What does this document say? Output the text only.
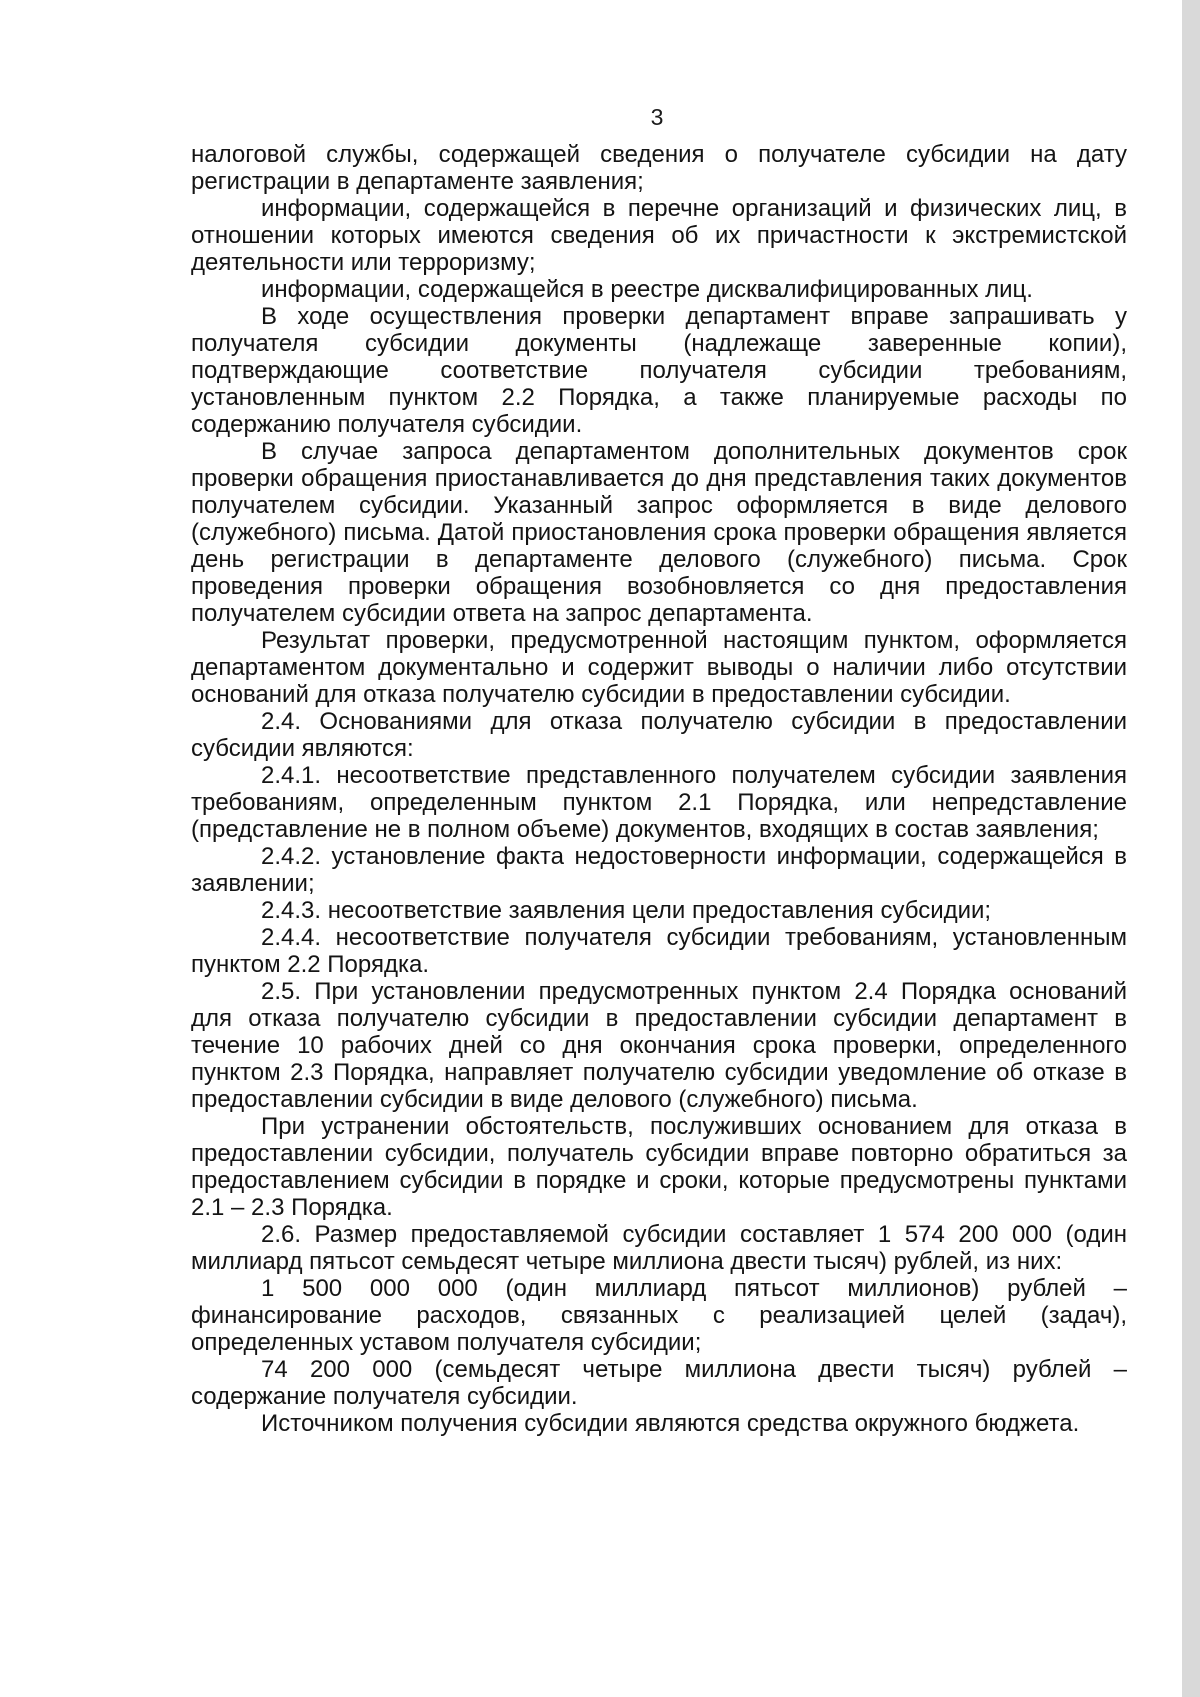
3

налоговой службы, содержащей сведения о получателе субсидии на дату регистрации в департаменте заявления;

информации, содержащейся в перечне организаций и физических лиц, в отношении которых имеются сведения об их причастности к экстремистской деятельности или терроризму;

информации, содержащейся в реестре дисквалифицированных лиц.

В ходе осуществления проверки департамент вправе запрашивать у получателя субсидии документы (надлежаще заверенные копии), подтверждающие соответствие получателя субсидии требованиям, установленным пунктом 2.2 Порядка, а также планируемые расходы по содержанию получателя субсидии.

В случае запроса департаментом дополнительных документов срок проверки обращения приостанавливается до дня представления таких документов получателем субсидии. Указанный запрос оформляется в виде делового (служебного) письма. Датой приостановления срока проверки обращения является день регистрации в департаменте делового (служебного) письма. Срок проведения проверки обращения возобновляется со дня предоставления получателем субсидии ответа на запрос департамента.

Результат проверки, предусмотренной настоящим пунктом, оформляется департаментом документально и содержит выводы о наличии либо отсутствии оснований для отказа получателю субсидии в предоставлении субсидии.

2.4. Основаниями для отказа получателю субсидии в предоставлении субсидии являются:

2.4.1. несоответствие представленного получателем субсидии заявления требованиям, определенным пунктом 2.1 Порядка, или непредставление (представление не в полном объеме) документов, входящих в состав заявления;

2.4.2. установление факта недостоверности информации, содержащейся в заявлении;

2.4.3. несоответствие заявления цели предоставления субсидии;

2.4.4. несоответствие получателя субсидии требованиям, установленным пунктом 2.2 Порядка.

2.5. При установлении предусмотренных пунктом 2.4 Порядка оснований для отказа получателю субсидии в предоставлении субсидии департамент в течение 10 рабочих дней со дня окончания срока проверки, определенного пунктом 2.3 Порядка, направляет получателю субсидии уведомление об отказе в предоставлении субсидии в виде делового (служебного) письма.

При устранении обстоятельств, послуживших основанием для отказа в предоставлении субсидии, получатель субсидии вправе повторно обратиться за предоставлением субсидии в порядке и сроки, которые предусмотрены пунктами 2.1 – 2.3 Порядка.

2.6. Размер предоставляемой субсидии составляет 1 574 200 000 (один миллиард пятьсот семьдесят четыре миллиона двести тысяч) рублей, из них:

1 500 000 000 (один миллиард пятьсот миллионов) рублей – финансирование расходов, связанных с реализацией целей (задач), определенных уставом получателя субсидии;

74 200 000 (семьдесят четыре миллиона двести тысяч) рублей – содержание получателя субсидии.

Источником получения субсидии являются средства окружного бюджета.
